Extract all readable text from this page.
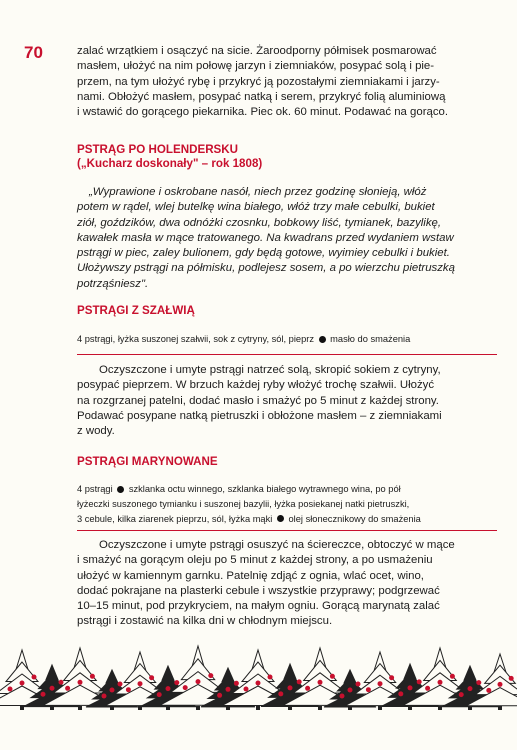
70	zalać wrzątkiem i osączyć na sicie. Żaroodporny półmisek posmarować
masłem, ułożyć na nim połowę jarzyn i ziemniaków, posypać solą i pie-
przem, na tym ułożyć rybę i przykryć ją pozostałymi ziemniakami i jarzy-
nami. Obłożyć masłem, posypać natką i serem, przykryć folią aluminiową
i wstawić do gorącego piekarnika. Piec ok. 60 minut. Podawać na gorąco.
PSTRĄG PO HOLENDERSKU
(„Kucharz doskonały" – rok 1808)
„Wyprawione i oskrobane nasół, niech przez godzinę słonieją, włóż
potem w rądel, wlej butelkę wina białego, włóż trzy małe cebulki, bukiet
ziół, goździków, dwa odnóżki czosnku, bobkowy liść, tymianek, bazylikę,
kawałek masła w mące tratowanego. Na kwadrans przed wydaniem wstaw
pstrągi w piec, zaley bulionem, gdy będą gotowe, wyimiey cebulki i bukiet.
Ułożywszy pstrągi na półmisku, podlejesz sosem, a po wierzchu pietruszką
potrząśniesz".
PSTRĄGI Z SZAŁWIĄ
4 pstrągi, łyżka suszonej szałwii, sok z cytryny, sól, pieprz masło do smażenia
Oczyszczone i umyte pstrągi natrzeć solą, skropić sokiem z cytryny,
posypać pieprzem. W brzuch każdej ryby włożyć trochę szałwii. Ułożyć
na rozgrzanej patelni, dodać masło i smażyć po 5 minut z każdej strony.
Podawać posypane natką pietruszki i obłożone masłem – z ziemniakami
z wody.
PSTRĄGI MARYNOWANE
4 pstrągi szklanka octu winnego, szklanka białego wytrawnego wina, po pół
łyżeczki suszonego tymianku i suszonej bazylii, łyżka posiekanej natki pietruszki,
3 cebule, kilka ziarenek pieprzu, sól, łyżka mąki olej słonecznikowy do smażenia
Oczyszczone i umyte pstrągi osuszyć na ściereczce, obtoczyć w mące
i smażyć na gorącym oleju po 5 minut z każdej strony, a po usmażeniu
ułożyć w kamiennym garnku. Patelnię zdjąć z ognia, wlać ocet, wino,
dodać pokrajane na plasterki cebule i wszystkie przyprawy; podgrzewać
10–15 minut, pod przykryciem, na małym ogniu. Gorącą marynatą zalać
pstrągi i zostawić na kilka dni w chłodnym miejscu.
